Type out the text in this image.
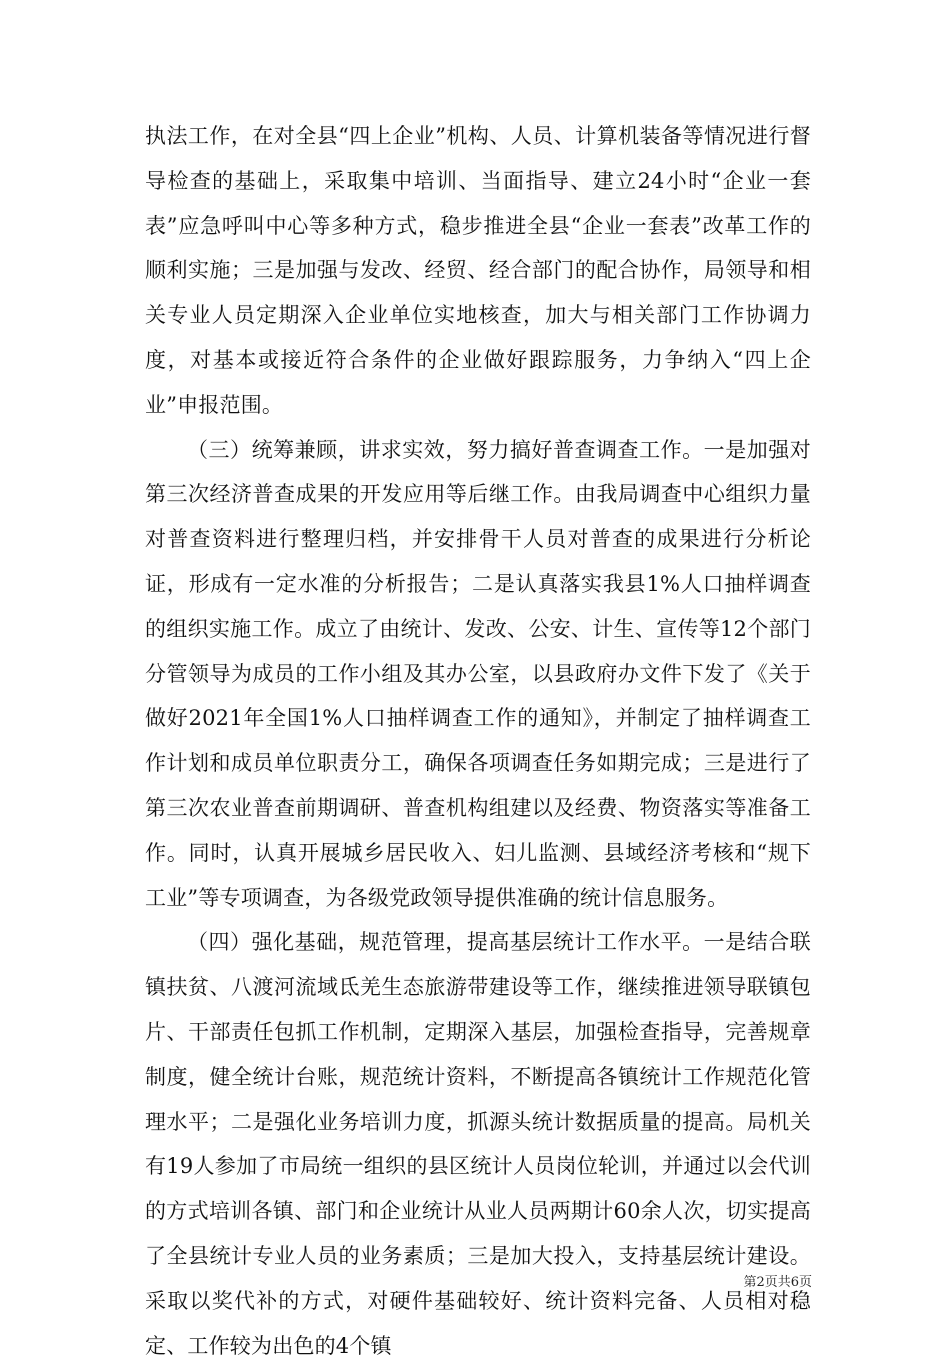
执法工作，在对全县“四上企业”机构、人员、计算机装备等情况进行督导检查的基础上，采取集中培训、当面指导、建立24小时“企业一套表”应急呼叫中心等多种方式，稳步推进全县“企业一套表”改革工作的顺利实施；三是加强与发改、经贸、经合部门的配合协作，局领导和相关专业人员定期深入企业单位实地核查，加大与相关部门工作协调力度，对基本或接近符合条件的企业做好跟踪服务，力争纳入“四上企业”申报范围。

（三）统筹兼顾，讲求实效，努力搞好普查调查工作。一是加强对第三次经济普查成果的开发应用等后继工作。由我局调查中心组织力量对普查资料进行整理归档，并安排骨干人员对普查的成果进行分析论证，形成有一定水准的分析报告；二是认真落实我县1%人口抽样调查的组织实施工作。成立了由统计、发改、公安、计生、宣传等12个部门分管领导为成员的工作小组及其办公室，以县政府办文件下发了《关于做好2021年全国1%人口抽样调查工作的通知》，并制定了抽样调查工作计划和成员单位职责分工，确保各项调查任务如期完成；三是进行了第三次农业普查前期调研、普查机构组建以及经费、物资落实等准备工作。同时，认真开展城乡居民收入、妇儿监测、县域经济考核和“规下工业”等专项调查，为各级党政领导提供准确的统计信息服务。

（四）强化基础，规范管理，提高基层统计工作水平。一是结合联镇扶贫、八渡河流域氐羌生态旅游带建设等工作，继续推进领导联镇包片、干部责任包抓工作机制，定期深入基层，加强检查指导，完善规章制度，健全统计台账，规范统计资料，不断提高各镇统计工作规范化管理水平；二是强化业务培训力度，抓源头统计数据质量的提高。局机关有19人参加了市局统一组织的县区统计人员岗位轮训，并通过以会代训的方式培训各镇、部门和企业统计从业人员两期计60余人次，切实提高了全县统计专业人员的业务素质；三是加大投入，支持基层统计建设。采取以奖代补的方式，对硬件基础较好、统计资料完备、人员相对稳定、工作较为出色的4个镇

第2页共6页
